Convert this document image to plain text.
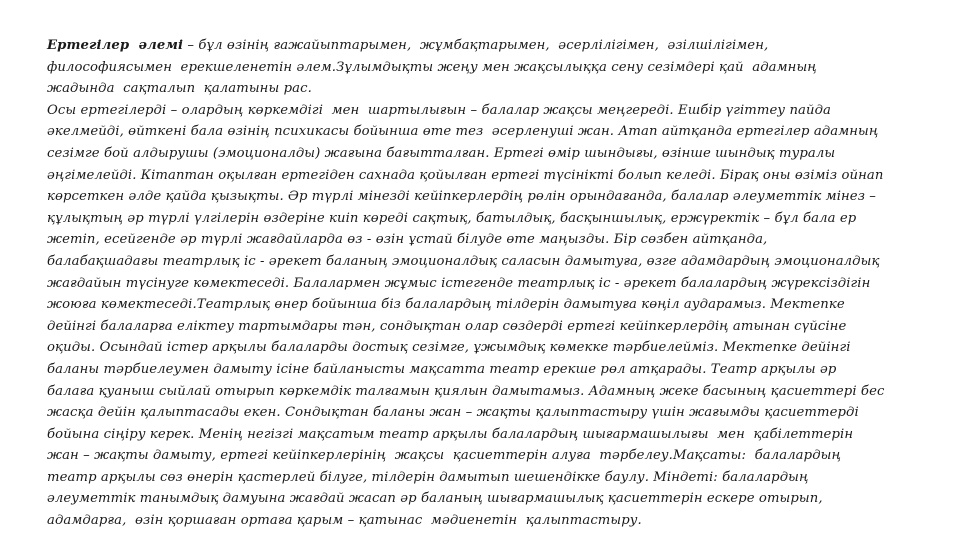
Ертегілер  әлемі – бұл өзінің ғажайыптарымен,  жұмбақтарымен,  әсерлілігімен,  әзілшілігімен,
философиясымен  ерекшеленетін әлем.Зұлымдықты жеңу мен жақсылыққа сену сезімдері қай  адамның
жадында  сақталып  қалатыны рас.
Осы ертегілерді – олардың көркемдігі  мен  шартылығын – балалар жақсы меңгереді. Ешбір үгіттеу пайда
әкелмейді, өйткені бала өзінің психикасы бойынша өте тез  әсерленуші жан. Атап айтқанда ертегілер адамның
сезімге бой алдырушы (эмоционалды) жағына бағытталған. Ертегі өмір шындығы, өзінше шындық туралы
әңгімелейді. Кітаптан оқылған ертегіден сахнада қойылған ертегі түсінікті болып келеді. Бірақ оны өзіміз ойнап
көрсеткен әлде қайда қызықты. Әр түрлі мінезді кейіпкерлердің рөлін орындағанда, балалар әлеуметтік мінез –
құлықтың әр түрлі үлгілерін өздеріне киіп көреді сақтық, батылдық, басқыншылық, ержүректік – бұл бала ер
жетіп, есейгенде әр түрлі жағдайларда өз - өзін ұстай білуде өте маңызды. Бір сөзбен айтқанда,
балабақшадағы театрлық іс - әрекет баланың эмоционалдық саласын дамытуға, өзге адамдардың эмоционалдық
жағдайын түсінуге көмектеседі. Балалармен жұмыс істегенде театрлық іс - әрекет балалардың жүрексіздігін
жоюға көмектеседі.Театрлық өнер бойынша біз балалардың тілдерін дамытуға көңіл аударамыз. Мектепке
дейінгі балаларға еліктеу тартымдары тән, сондықтан олар сөздерді ертегі кейіпкерлердің атынан сүйсіне
оқиды. Осындай істер арқылы балаларды достық сезімге, ұжымдық көмекке тәрбиелейміз. Мектепке дейінгі
баланы тәрбиелеумен дамыту ісіне байланысты мақсатта театр ерекше рөл атқарады. Театр арқылы әр
балаға қуаныш сыйлай отырып көркемдік талғамын қиялын дамытамыз. Адамның жеке басының қасиеттері бес
жасқа дейін қалыптасады екен. Сондықтан баланы жан – жақты қалыптастыру үшін жағымды қасиеттерді
бойына сіңіру керек. Менің негізгі мақсатым театр арқылы балалардың шығармашылығы  мен  қабілеттерін
жан – жақты дамыту, ертегі кейіпкерлерінің  жақсы  қасиеттерін алуға  тәрбелеу.Мақсаты:  балалардың
театр арқылы сөз өнерін қастерлей білуге, тілдерін дамытып шешендікке баулу. Міндеті: балалардың
әлеуметтік танымдық дамуына жағдай жасап әр баланың шығармашылық қасиеттерін ескере отырып,
адамдарға,  өзін қоршаған ортаға қарым – қатынас  мәдиенетін  қалыптастыру.
